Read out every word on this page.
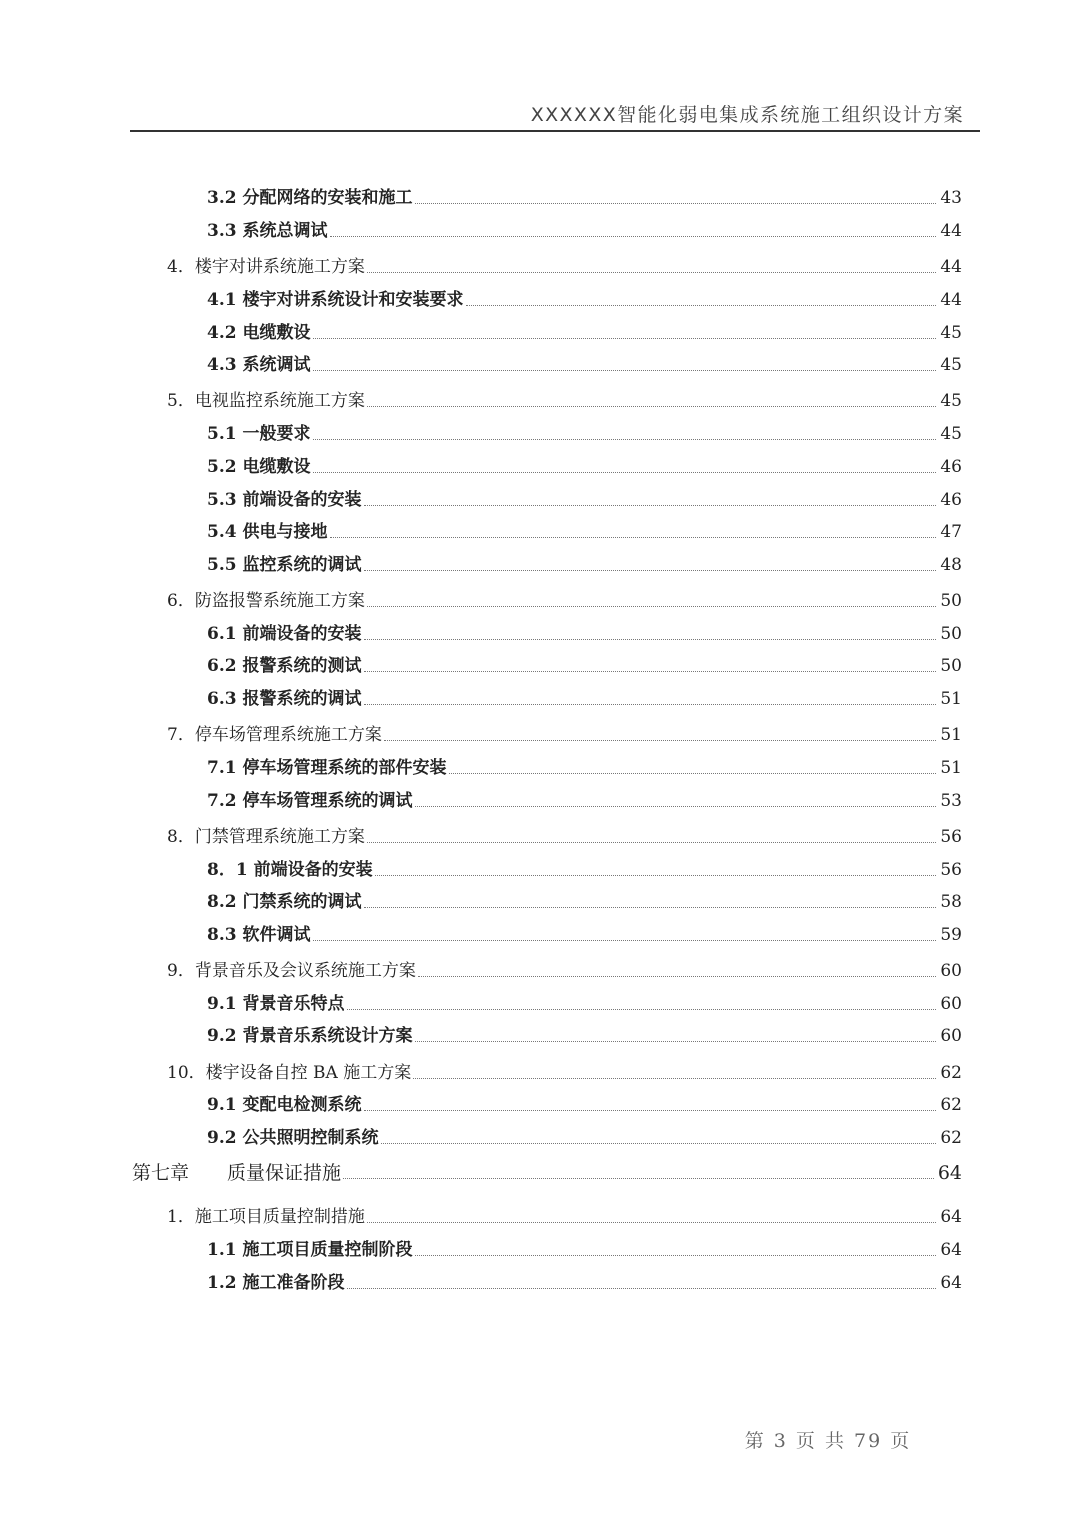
XXXXXX智能化弱电集成系统施工组织设计方案
3.2 分配网络的安装和施工	43
3.3 系统总调试	44
4．楼宇对讲系统施工方案	44
4.1 楼宇对讲系统设计和安装要求	44
4.2 电缆敷设	45
4.3 系统调试	45
5．电视监控系统施工方案	45
5.1 一般要求	45
5.2 电缆敷设	46
5.3 前端设备的安装	46
5.4 供电与接地	47
5.5 监控系统的调试	48
6．防盗报警系统施工方案	50
6.1 前端设备的安装	50
6.2 报警系统的测试	50
6.3 报警系统的调试	51
7．停车场管理系统施工方案	51
7.1 停车场管理系统的部件安装	51
7.2 停车场管理系统的调试	53
8．门禁管理系统施工方案	56
8．1 前端设备的安装	56
8.2 门禁系统的调试	58
8.3 软件调试	59
9．背景音乐及会议系统施工方案	60
9.1 背景音乐特点	60
9.2 背景音乐系统设计方案	60
10．楼宇设备自控 BA 施工方案	62
9.1 变配电检测系统	62
9.2 公共照明控制系统	62
第七章　　质量保证措施	64
1．施工项目质量控制措施	64
1.1 施工项目质量控制阶段	64
1.2 施工准备阶段	64
第 3 页 共 79 页
